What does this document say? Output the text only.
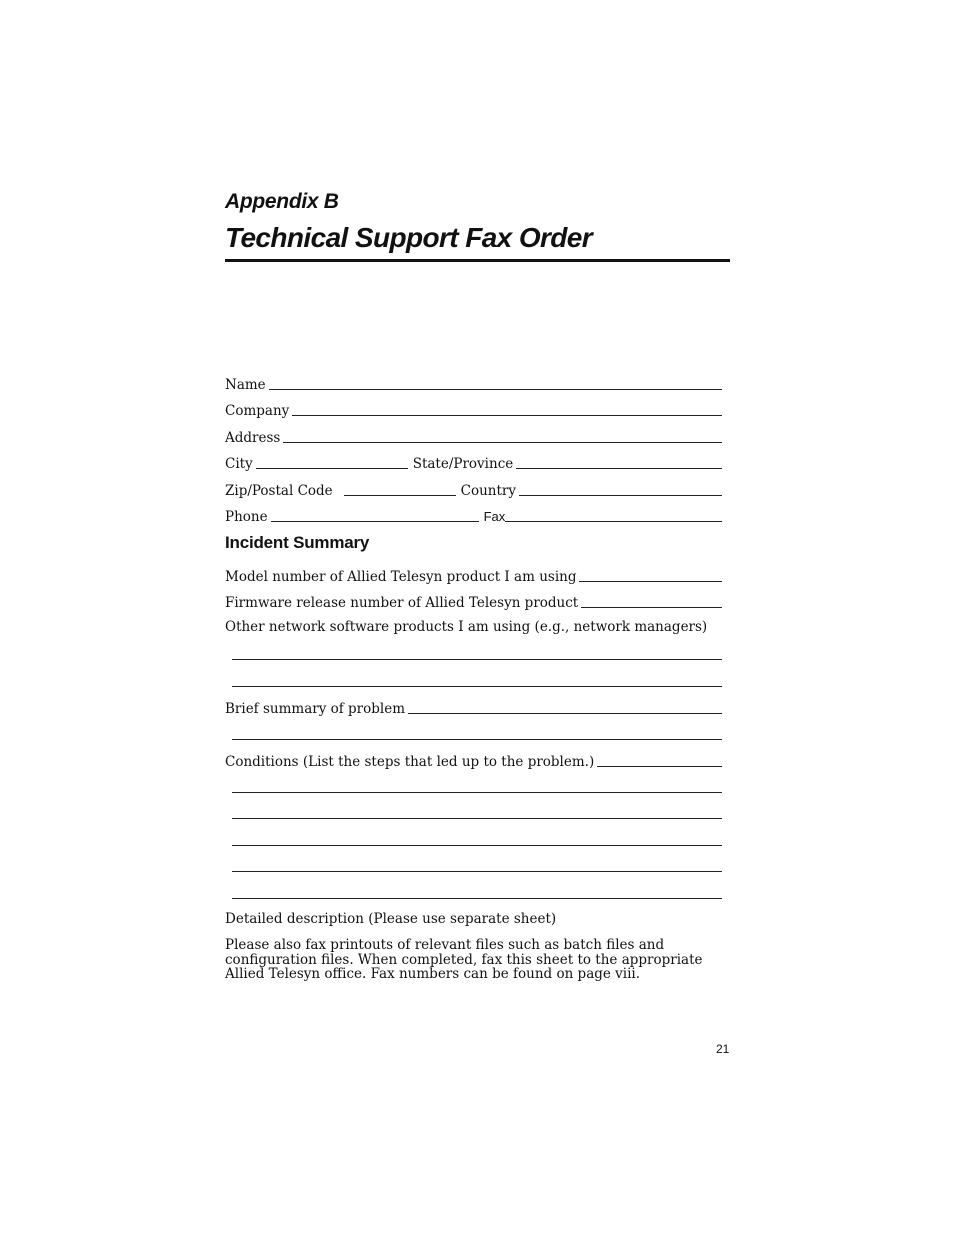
Appendix B
Technical Support Fax Order
Name
Company
Address
City	State/Province
Zip/Postal Code	Country
Phone	Fax
Incident Summary
Model number of Allied Telesyn product I am using
Firmware release number of Allied Telesyn product
Other network software products I am using (e.g., network managers)
Brief summary of problem
Conditions (List the steps that led up to the problem.)
Detailed description (Please use separate sheet)
Please also fax printouts of relevant files such as batch files and configuration files. When completed, fax this sheet to the appropriate Allied Telesyn office. Fax numbers can be found on page viii.
21
